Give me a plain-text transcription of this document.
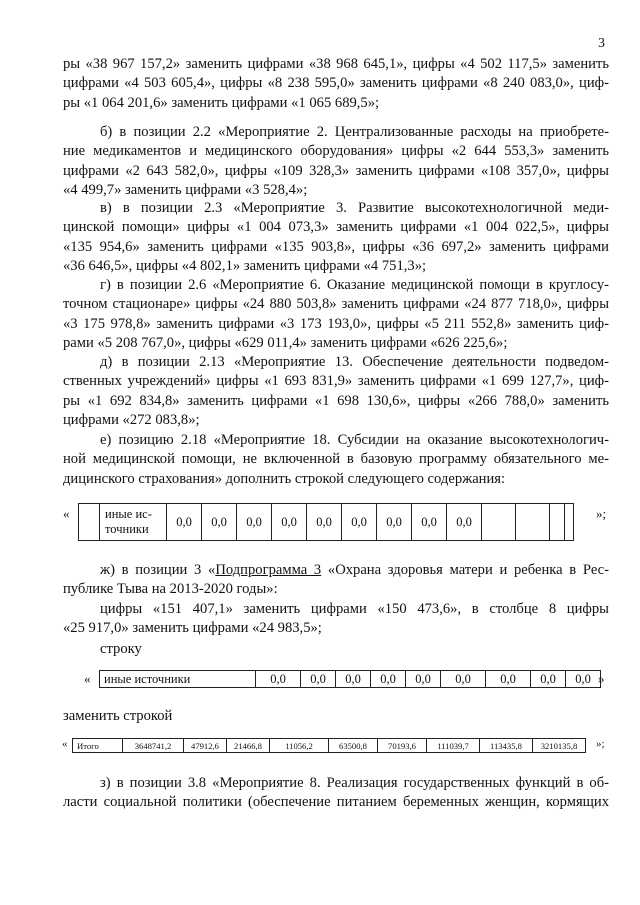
3
ры «38 967 157,2» заменить цифрами «38 968 645,1», цифры «4 502 117,5» заменить
цифрами «4 503 605,4», цифры «8 238 595,0» заменить цифрами «8 240 083,0», циф-
ры «1 064 201,6» заменить цифрами «1 065 689,5»;
б) в позиции 2.2 «Мероприятие 2. Централизованные расходы на приобрете-
ние медикаментов и медицинского оборудования» цифры «2 644 553,3» заменить
цифрами «2 643 582,0», цифры «109 328,3» заменить цифрами «108 357,0», цифры
«4 499,7» заменить цифрами «3 528,4»;
в) в позиции 2.3 «Мероприятие 3. Развитие высокотехнологичной меди-
цинской помощи» цифры «1 004 073,3» заменить цифрами «1 004 022,5», цифры
«135 954,6» заменить цифрами «135 903,8», цифры «36 697,2» заменить цифрами
«36 646,5», цифры «4 802,1» заменить цифрами «4 751,3»;
г) в позиции 2.6 «Мероприятие 6. Оказание медицинской помощи в круглосу-
точном стационаре» цифры «24 880 503,8» заменить цифрами «24 877 718,0», цифры
«3 175 978,8» заменить цифрами «3 173 193,0», цифры «5 211 552,8» заменить циф-
рами «5 208 767,0», цифры «629 011,4» заменить цифрами «626 225,6»;
д) в позиции 2.13 «Мероприятие 13. Обеспечение деятельности подведом-
ственных учреждений» цифры «1 693 831,9» заменить цифрами «1 699 127,7», циф-
ры «1 692 834,8» заменить цифрами «1 698 130,6», цифры «266 788,0» заменить
цифрами «272 083,8»;
е) позицию 2.18 «Мероприятие 18. Субсидии на оказание высокотехнологич-
ной медицинской помощи, не включенной в базовую программу обязательного ме-
дицинского страхования» дополнить строкой следующего содержания:
«
		иные ис-
точники	0,0	0,0	0,0	0,0	0,0	0,0	0,0	0,0	0,0				
»;
ж) в позиции 3 «Подпрограмма 3 «Охрана здоровья матери и ребенка в Рес-
публике Тыва на 2013-2020 годы»:
цифры «151 407,1» заменить цифрами «150 473,6», в столбце 8 цифры
«25 917,0» заменить цифрами «24 983,5»;
строку
« иные источники	0,0	0,0	0,0	0,0	0,0	0,0	0,0	0,0	0,0 »
заменить строкой
« Итого	3648741,2	47912,6	21466,8	11056,2	63500,8	70193,6	111039,7	113435,8	3210135,8 »;
з) в позиции 3.8 «Мероприятие 8. Реализация государственных функций в об-
ласти социальной политики (обеспечение питанием беременных женщин, кормящих
